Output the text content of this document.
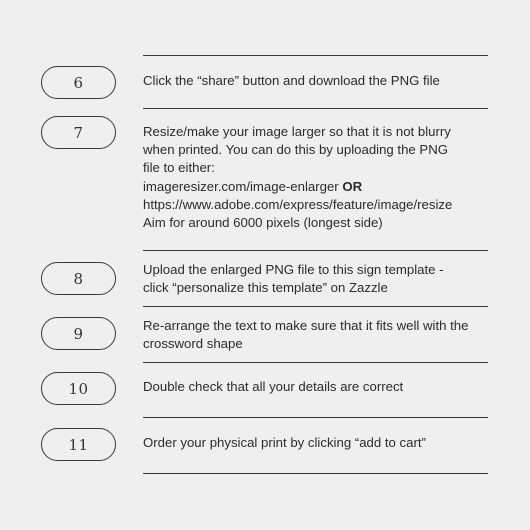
6	Click the “share” button and download the PNG file
7	Resize/make your image larger so that it is not blurry
when printed. You can do this by uploading the PNG
file to either:
imageresizer.com/image-enlarger OR
https://www.adobe.com/express/feature/image/resize
Aim for around 6000 pixels (longest side)
8	Upload the enlarged PNG file to this sign template -
click “personalize this template” on Zazzle
9	Re-arrange the text to make sure that it fits well with the
crossword shape
10	Double check that all your details are correct
11	Order your physical print by clicking “add to cart”
